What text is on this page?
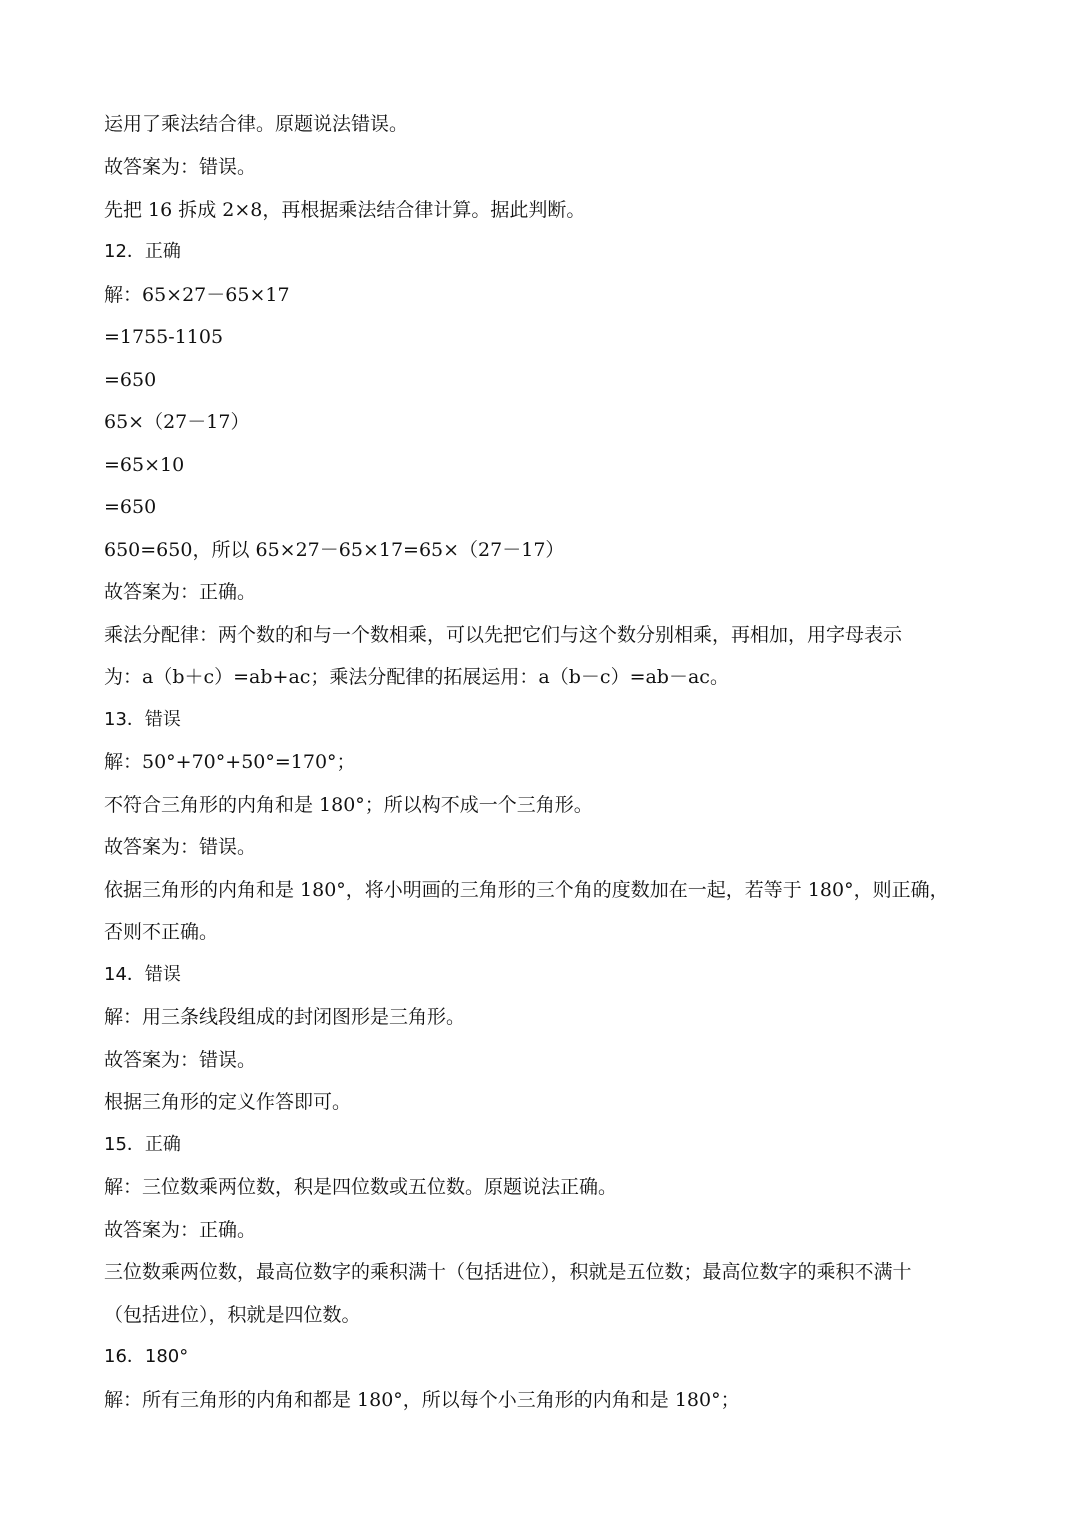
运用了乘法结合律。原题说法错误。

故答案为：错误。

先把 16 拆成 2×8，再根据乘法结合律计算。据此判断。

12．正确

解：65×27－65×17

=1755-1105

=650

65×（27－17）

=65×10

=650

650=650，所以 65×27－65×17=65×（27－17）

故答案为：正确。

乘法分配律：两个数的和与一个数相乘，可以先把它们与这个数分别相乘，再相加，用字母表示

为：a（b＋c）=ab+ac；乘法分配律的拓展运用：a（b－c）=ab－ac。

13．错误

解：50°+70°+50°=170°；

不符合三角形的内角和是 180°；所以构不成一个三角形。

故答案为：错误。

依据三角形的内角和是 180°，将小明画的三角形的三个角的度数加在一起，若等于 180°，则正确，

否则不正确。

14．错误

解：用三条线段组成的封闭图形是三角形。

故答案为：错误。

根据三角形的定义作答即可。

15．正确

解：三位数乘两位数，积是四位数或五位数。原题说法正确。

故答案为：正确。

三位数乘两位数，最高位数字的乘积满十（包括进位），积就是五位数；最高位数字的乘积不满十

（包括进位），积就是四位数。

16．180°

解：所有三角形的内角和都是 180°，所以每个小三角形的内角和是 180°；
